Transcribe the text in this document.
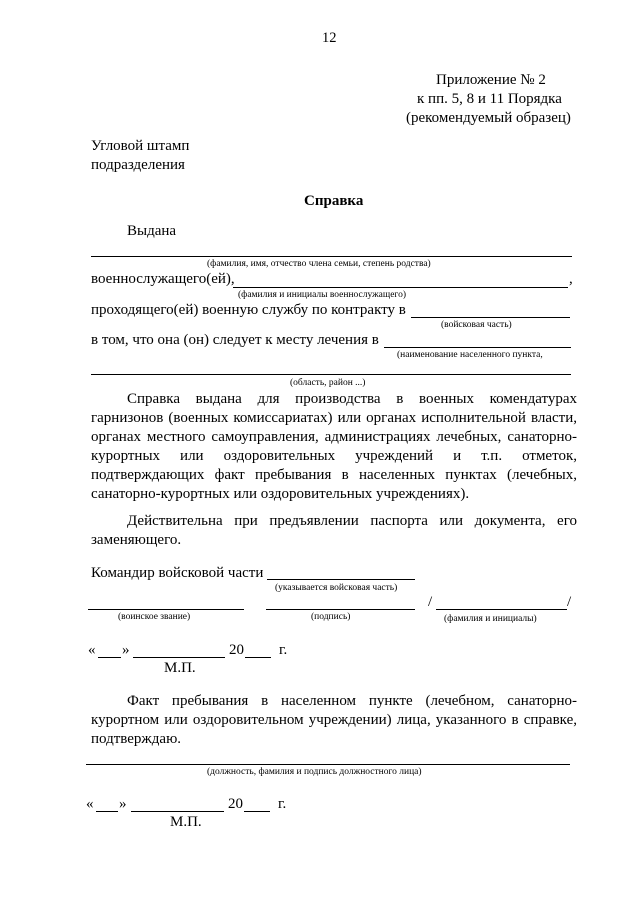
12
Приложение № 2
к пп. 5, 8 и 11 Порядка
(рекомендуемый образец)
Угловой штамп
подразделения
Справка
Выдана
(фамилия, имя, отчество члена семьи, степень родства)
военнослужащего(ей),	,
(фамилия и инициалы военнослужащего)
проходящего(ей) военную службу по контракту в
(войсковая часть)
в том, что она (он) следует к месту лечения в
(наименование населенного пункта,
(область, район ...)
Справка выдана для производства в военных комендатурах
гарнизонов (военных комиссариатах) или органах исполнительной власти,
органах местного самоуправления, администрациях лечебных, санаторно-
курортных или оздоровительных учреждений и т.п. отметок,
подтверждающих факт пребывания в населенных пунктах (лечебных,
санаторно-курортных или оздоровительных учреждениях).
Действительна при предъявлении паспорта или документа, его
заменяющего.
Командир войсковой части
(указывается войсковая часть)
(воинское звание)	(подпись)
/	/
(фамилия и инициалы)
« »	20 г.
М.П.
Факт пребывания в населенном пункте (лечебном, санаторно-
курортном или оздоровительном учреждении) лица, указанного в справке,
подтверждаю.
(должность, фамилия и подпись должностного лица)
« »	20 г.
М.П.
